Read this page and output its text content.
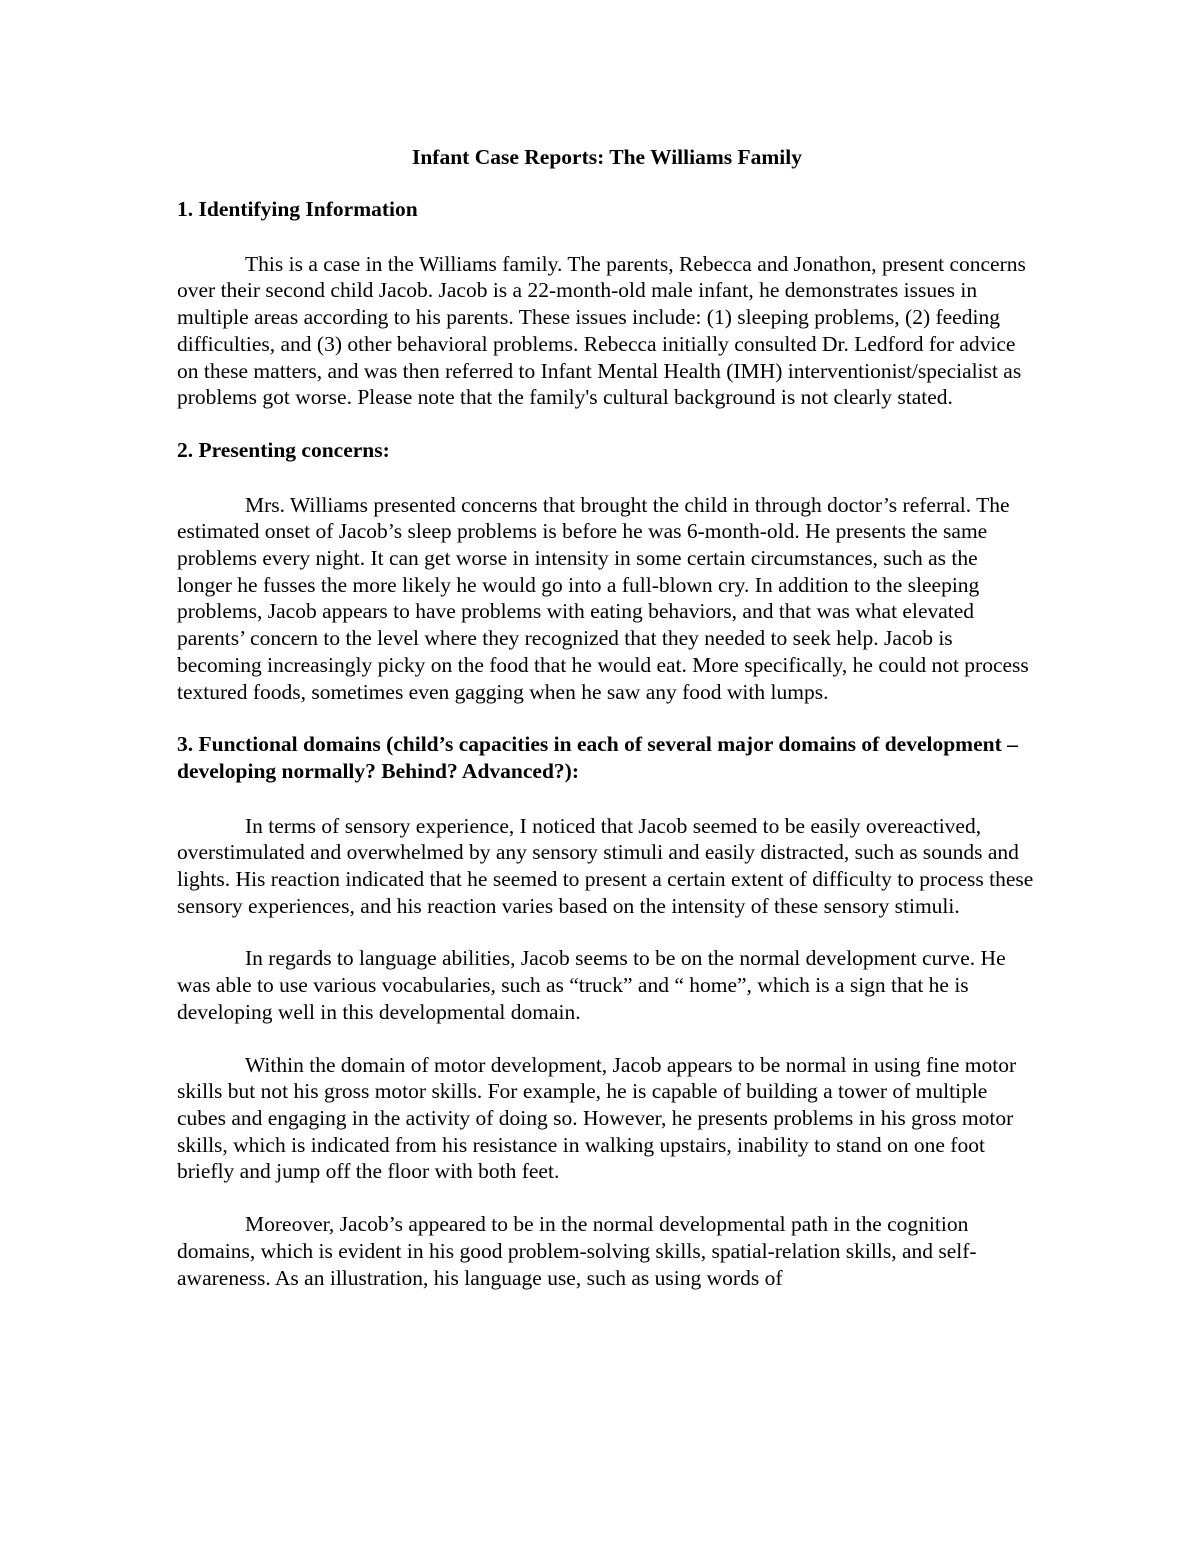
Infant Case Reports: The Williams Family

1. Identifying Information

This is a case in the Williams family. The parents, Rebecca and Jonathon, present concerns over their second child Jacob. Jacob is a 22-month-old male infant, he demonstrates issues in multiple areas according to his parents. These issues include: (1) sleeping problems, (2) feeding difficulties, and (3) other behavioral problems. Rebecca initially consulted Dr. Ledford for advice on these matters, and was then referred to Infant Mental Health (IMH) interventionist/specialist as problems got worse. Please note that the family's cultural background is not clearly stated.

2. Presenting concerns:

Mrs. Williams presented concerns that brought the child in through doctor’s referral. The estimated onset of Jacob’s sleep problems is before he was 6-month-old. He presents the same problems every night. It can get worse in intensity in some certain circumstances, such as the longer he fusses the more likely he would go into a full-blown cry. In addition to the sleeping problems, Jacob appears to have problems with eating behaviors, and that was what elevated parents’ concern to the level where they recognized that they needed to seek help. Jacob is becoming increasingly picky on the food that he would eat. More specifically, he could not process textured foods, sometimes even gagging when he saw any food with lumps.

3. Functional domains (child’s capacities in each of several major domains of development – developing normally? Behind? Advanced?):

In terms of sensory experience, I noticed that Jacob seemed to be easily overeactived, overstimulated and overwhelmed by any sensory stimuli and easily distracted, such as sounds and lights. His reaction indicated that he seemed to present a certain extent of difficulty to process these sensory experiences, and his reaction varies based on the intensity of these sensory stimuli.

In regards to language abilities, Jacob seems to be on the normal development curve. He was able to use various vocabularies, such as “truck” and “ home”, which is a sign that he is developing well in this developmental domain.

Within the domain of motor development, Jacob appears to be normal in using fine motor skills but not his gross motor skills. For example, he is capable of building a tower of multiple cubes and engaging in the activity of doing so. However, he presents problems in his gross motor skills, which is indicated from his resistance in walking upstairs, inability to stand on one foot briefly and jump off the floor with both feet.

Moreover, Jacob’s appeared to be in the normal developmental path in the cognition domains, which is evident in his good problem-solving skills, spatial-relation skills, and self-awareness. As an illustration, his language use, such as using words of
